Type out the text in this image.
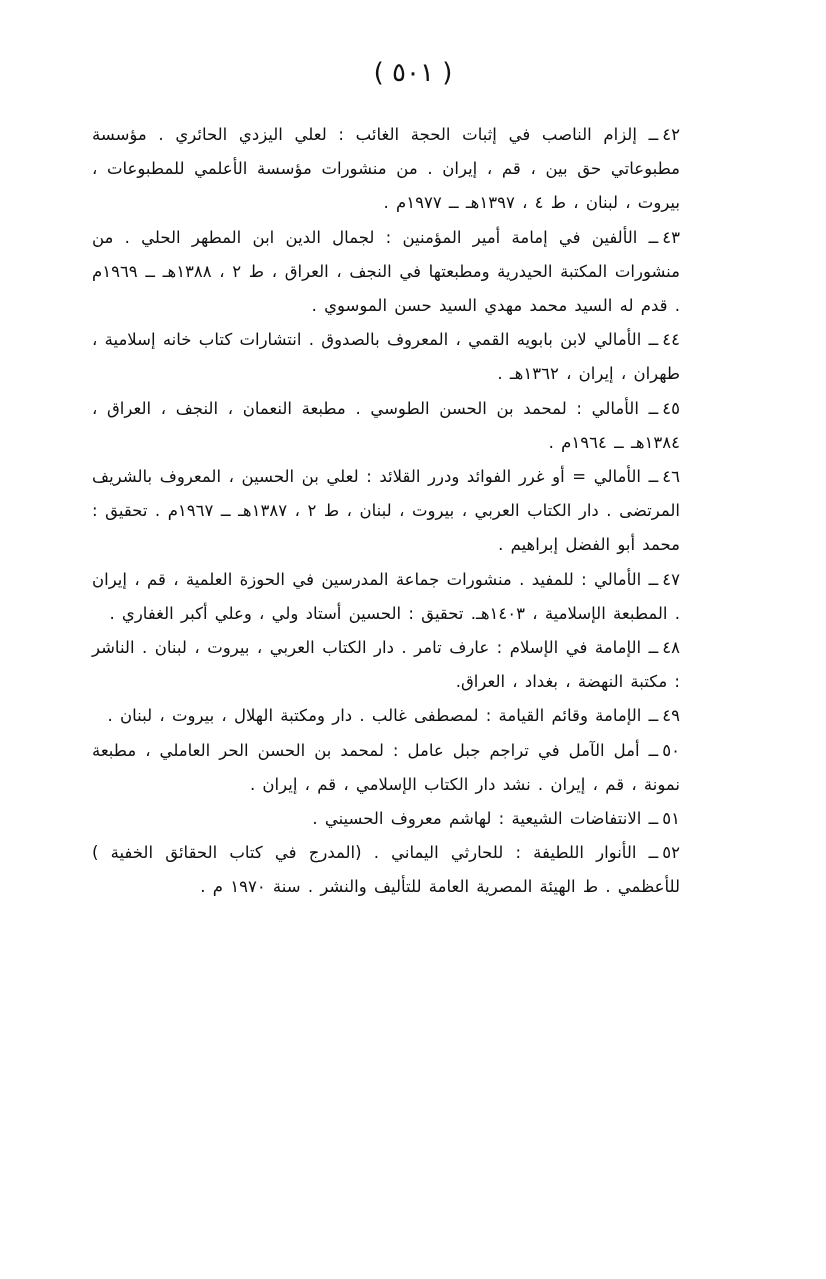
( ٥٠١ )

٤٢ــ إلزام الناصب في إثبات الحجة الغائب : لعلي اليزدي الحائري . مؤسسة مطبوعاتي حق بين ، قم ، إيران . من منشورات مؤسسة الأعلمي للمطبوعات ، بيروت ، لبنان ، ط ٤ ، ١٣٩٧هـ ــ ١٩٧٧م .

٤٣ــ الألفين في إمامة أمير المؤمنين : لجمال الدين ابن المطهر الحلي . من منشورات المكتبة الحيدرية ومطبعتها في النجف ، العراق ، ط ٢ ، ١٣٨٨هـ ــ ١٩٦٩م . قدم له السيد محمد مهدي السيد حسن الموسوي .

٤٤ــ الأمالي لابن بابويه القمي ، المعروف بالصدوق . انتشارات كتاب خانه إسلامية ، طهران ، إيران ، ١٣٦٢هـ .

٤٥ــ الأمالي : لمحمد بن الحسن الطوسي . مطبعة النعمان ، النجف ، العراق ، ١٣٨٤هـ ــ ١٩٦٤م .

٤٦ــ الأمالي = أو غرر الفوائد ودرر القلائد : لعلي بن الحسين ، المعروف بالشريف المرتضى . دار الكتاب العربي ، بيروت ، لبنان ، ط ٢ ، ١٣٨٧هـ ــ ١٩٦٧م . تحقيق : محمد أبو الفضل إبراهيم .

٤٧ــ الأمالي : للمفيد . منشورات جماعة المدرسين في الحوزة العلمية ، قم ، إيران . المطبعة الإسلامية ، ١٤٠٣هـ. تحقيق : الحسين أستاد ولي ، وعلي أكبر الغفاري .

٤٨ــ الإمامة في الإسلام : عارف تامر . دار الكتاب العربي ، بيروت ، لبنان . الناشر : مكتبة النهضة ، بغداد ، العراق.

٤٩ــ الإمامة وقائم القيامة : لمصطفى غالب . دار ومكتبة الهلال ، بيروت ، لبنان .

٥٠ــ أمل الآمل في تراجم جبل عامل : لمحمد بن الحسن الحر العاملي ، مطبعة نمونة ، قم ، إيران . نشد دار الكتاب الإسلامي ، قم ، إيران .

٥١ــ الانتفاضات الشيعية : لهاشم معروف الحسيني .

٥٢ــ الأنوار اللطيفة : للحارثي اليماني . (المدرج في كتاب الحقائق الخفية ) للأعظمي . ط الهيئة المصرية العامة للتأليف والنشر . سنة ١٩٧٠ م .
